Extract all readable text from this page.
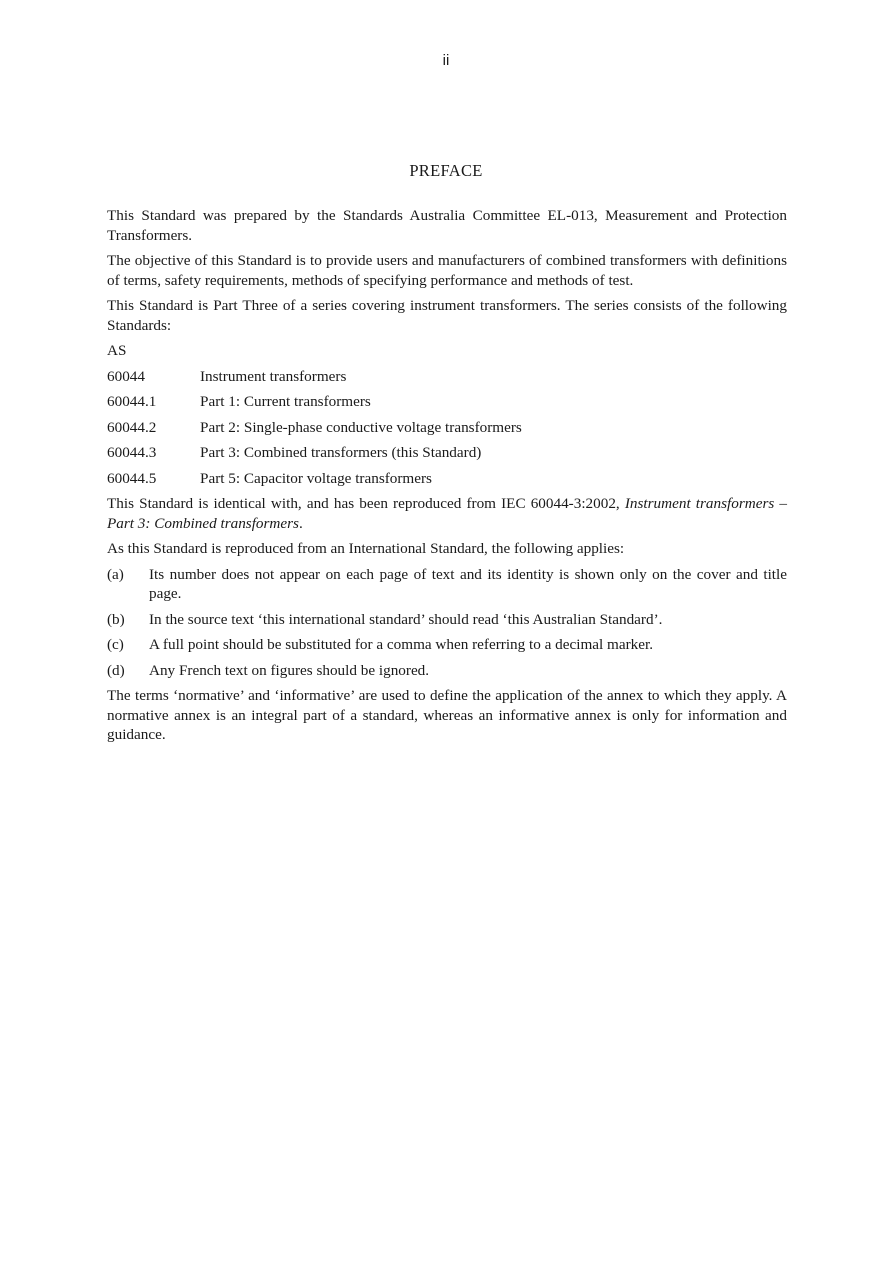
ii
PREFACE

This Standard was prepared by the Standards Australia Committee EL-013, Measurement and Protection Transformers.

The objective of this Standard is to provide users and manufacturers of combined transformers with definitions of terms, safety requirements, methods of specifying performance and methods of test.

This Standard is Part Three of a series covering instrument transformers. The series consists of the following Standards:

AS
60044	Instrument transformers
60044.1	Part 1: Current transformers
60044.2	Part 2: Single-phase conductive voltage transformers
60044.3	Part 3: Combined transformers (this Standard)
60044.5	Part 5: Capacitor voltage transformers

This Standard is identical with, and has been reproduced from IEC 60044-3:2002, Instrument transformers – Part 3: Combined transformers.

As this Standard is reproduced from an International Standard, the following applies:

(a)	Its number does not appear on each page of text and its identity is shown only on the cover and title page.
(b)	In the source text ‘this international standard’ should read ‘this Australian Standard’.
(c)	A full point should be substituted for a comma when referring to a decimal marker.
(d)	Any French text on figures should be ignored.

The terms ‘normative’ and ‘informative’ are used to define the application of the annex to which they apply. A normative annex is an integral part of a standard, whereas an informative annex is only for information and guidance.
